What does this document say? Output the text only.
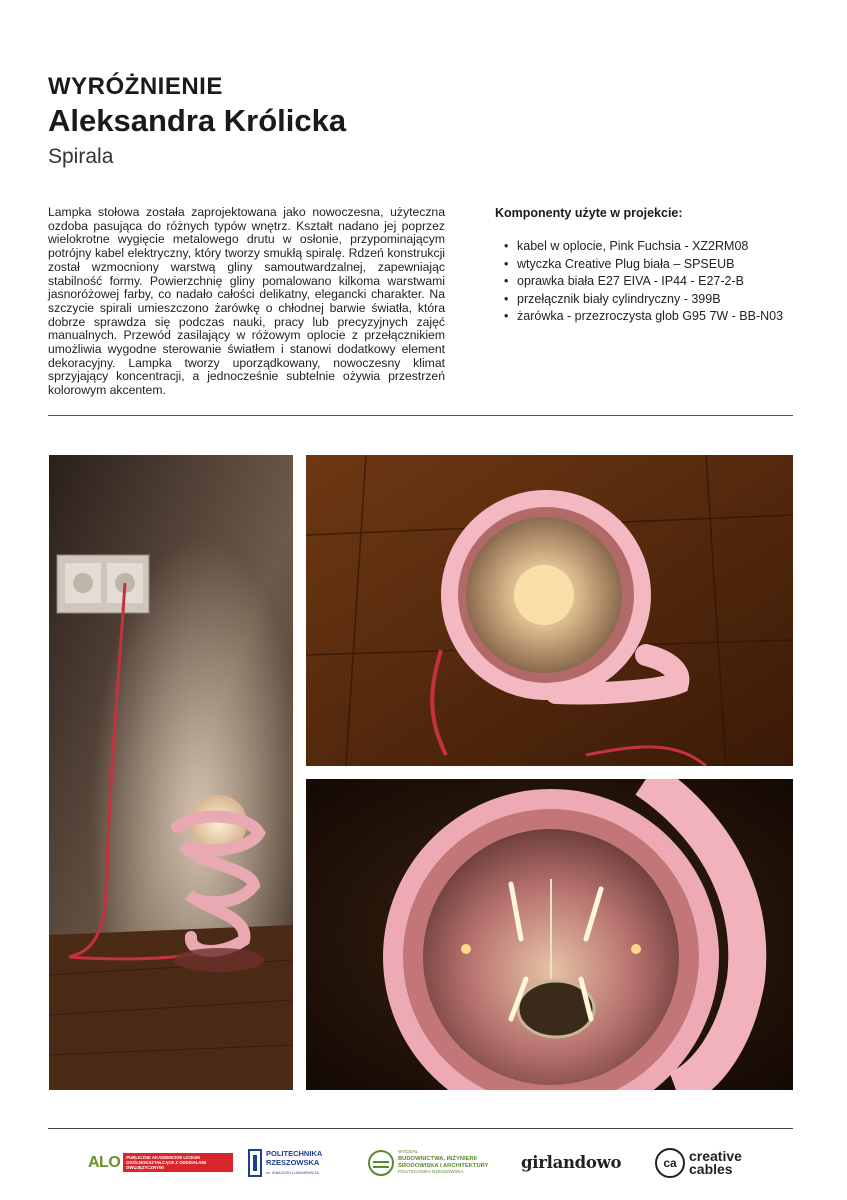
WYRÓŻNIENIE
Aleksandra Królicka
Spirala

Lampka stołowa została zaprojektowana jako nowoczesna, użyteczna ozdoba pasująca do różnych typów wnętrz. Kształt nadano jej poprzez wielokrotne wygięcie metalowego drutu w osłonie, przypominającym potrójny kabel elektryczny, który tworzy smukłą spiralę. Rdzeń konstrukcji został wzmocniony warstwą gliny samoutwardzalnej, zapewniając stabilność formy. Powierzchnię gliny pomalowano kilkoma warstwami jasnoróżowej farby, co nadało całości delikatny, elegancki charakter. Na szczycie spirali umieszczono żarówkę o chłodnej barwie światła, która dobrze sprawdza się podczas nauki, pracy lub precyzyjnych zajęć manualnych. Przewód zasilający w różowym oplocie z przełącznikiem umożliwia wygodne sterowanie światłem i stanowi dodatkowy element dekoracyjny. Lampka tworzy uporządkowany, nowoczesny klimat sprzyjający koncentracji, a jednocześnie subtelnie ożywia przestrzeń kolorowym akcentem.

Komponenty użyte w projekcie:
• kabel w oplocie, Pink Fuchsia - XZ2RM08
• wtyczka Creative Plug biała – SPSEUB
• oprawka biała E27 EIVA - IP44 - E27-2-B
• przełącznik biały cylindryczny - 399B
• żarówka - przezroczysta glob G95 7W - BB-N03
ALO	PUBLICZNE AKADEMICKIE LICEUM OGÓLNOKSZTAŁCĄCE Z ODDZIAŁAMI DWUJĘZYCZNYMI
POLITECHNIKA
RZESZOWSKA
im. IGNACEGO ŁUKASIEWICZA
WYDZIAŁ
BUDOWNICTWA, INŻYNIERII ŚRODOWISKA I ARCHITEKTURY
POLITECHNIKA RZESZOWSKA	girlandowo	ca creative
cables
